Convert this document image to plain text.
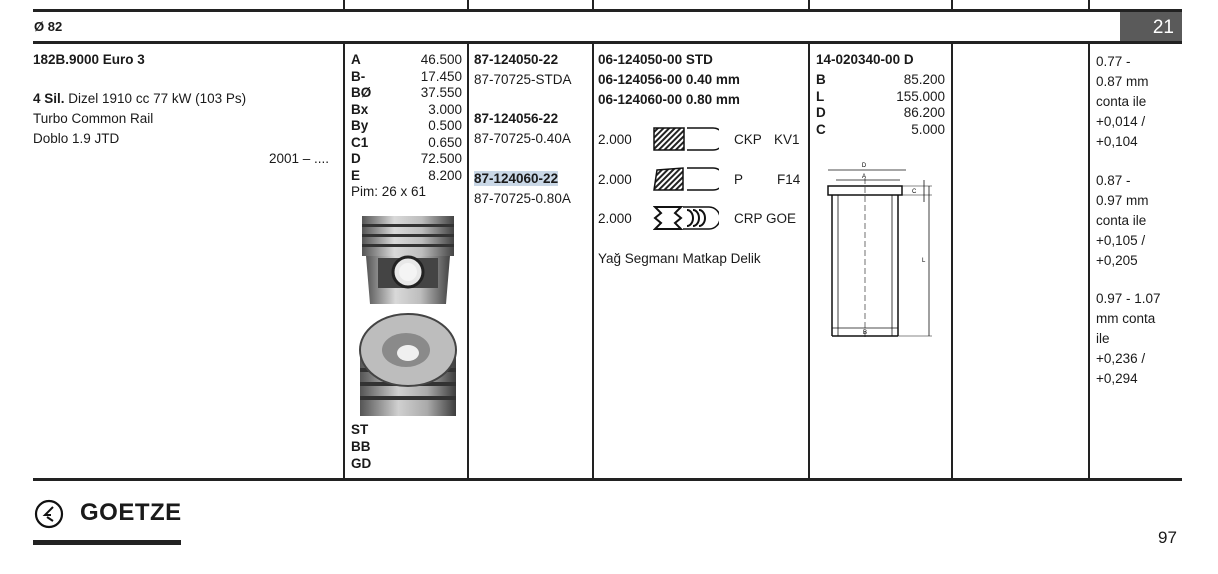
Ø 82	21
182B.9000 Euro 3
4 Sil. Dizel 1910 cc 77 kW (103 Ps)
Turbo Common Rail
Doblo 1.9 JTD
2001 – ....
A	46.500
B-	17.450
BØ	37.550
Bx	3.000
By	0.500
C1	0.650
D	72.500
E	8.200
Pim: 26 x 61
ST
BB
GD
87-124050-22
87-70725-STDA
87-124056-22
87-70725-0.40A
87-124060-22
87-70725-0.80A
06-124050-00 STD
06-124056-00 0.40 mm
06-124060-00 0.80 mm
2.000	CKP KV1
2.000	P	F14
2.000	CRP GOE
Yağ Segmanı Matkap Delik
14-020340-00 D
B	85.200
L	155.000
D	86.200
C	5.000
D
A
B
C
L
0.77 -
0.87 mm
conta ile
+0,014 /
+0,104
0.87 -
0.97 mm
conta ile
+0,105 /
+0,205
0.97 - 1.07
mm conta
ile
+0,236 /
+0,294
GOETZE
97
